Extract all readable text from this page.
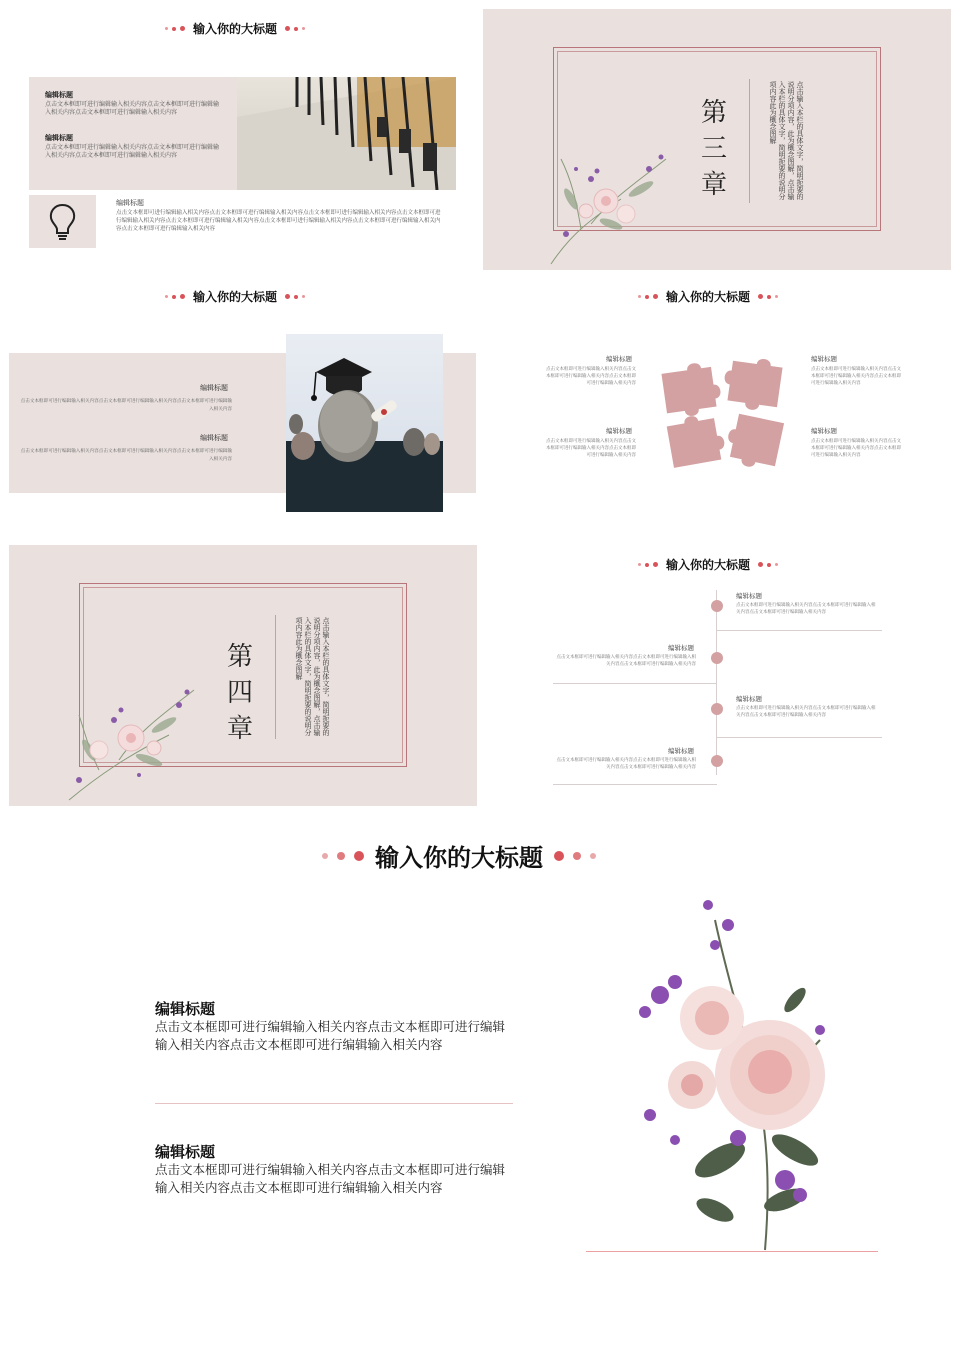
输入你的大标题
编辑标题
点击文本框即可进行编辑输入相关内容点击文本框即可进行编辑输入相关内容点击文本框即可进行编辑输入相关内容
编辑标题
点击文本框即可进行编辑输入相关内容点击文本框即可进行编辑输入相关内容点击文本框即可进行编辑输入相关内容
编辑标题
点击文本框即可进行编辑输入相关内容点击文本框即可进行编辑输入相关内容点击文本框即可进行编辑输入相关内容点击文本框即可进行编辑输入相关内容点击文本框即可进行编辑输入相关内容点击文本框即可进行编辑输入相关内容点击文本框即可进行编辑输入相关内容点击文本框即可进行编辑输入相关内容
第
三
章	点击输入本栏的具体文字，简明扼要的说明分项内容，此为概念图解，点击输入本栏的具体文字，简明扼要的说明分项内容此为概念图解
输入你的大标题
编辑标题
点击文本框即可进行编辑输入相关内容点击文本框即可进行编辑输入相关内容点击文本框即可进行编辑输入相关内容
编辑标题
点击文本框即可进行编辑输入相关内容点击文本框即可进行编辑输入相关内容点击文本框即可进行编辑输入相关内容
输入你的大标题
编辑标题
点击文本框即可进行编辑输入相关内容点击文本框即可进行编辑输入相关内容点击文本框即可进行编辑输入相关内容
编辑标题
点击文本框即可进行编辑输入相关内容点击文本框即可进行编辑输入相关内容点击文本框即可进行编辑输入相关内容
编辑标题
点击文本框即可进行编辑输入相关内容点击文本框即可进行编辑输入相关内容点击文本框即可进行编辑输入相关内容
编辑标题
点击文本框即可进行编辑输入相关内容点击文本框即可进行编辑输入相关内容点击文本框即可进行编辑输入相关内容
第
四
章	点击输入本栏的具体文字，简明扼要的说明分项内容，此为概念图解，点击输入本栏的具体文字，简明扼要的说明分项内容此为概念图解
输入你的大标题
编辑标题
点击文本框即可进行编辑输入相关内容点击文本框即可进行编辑输入相关内容点击文本框即可进行编辑输入相关内容
编辑标题
点击文本框即可进行编辑输入相关内容点击文本框即可进行编辑输入相关内容点击文本框即可进行编辑输入相关内容
编辑标题
点击文本框即可进行编辑输入相关内容点击文本框即可进行编辑输入相关内容点击文本框即可进行编辑输入相关内容
编辑标题
点击文本框即可进行编辑输入相关内容点击文本框即可进行编辑输入相关内容点击文本框即可进行编辑输入相关内容
输入你的大标题
编辑标题
点击文本框即可进行编辑输入相关内容点击文本框即可进行编辑输入相关内容点击文本框即可进行编辑输入相关内容
编辑标题
点击文本框即可进行编辑输入相关内容点击文本框即可进行编辑输入相关内容点击文本框即可进行编辑输入相关内容
